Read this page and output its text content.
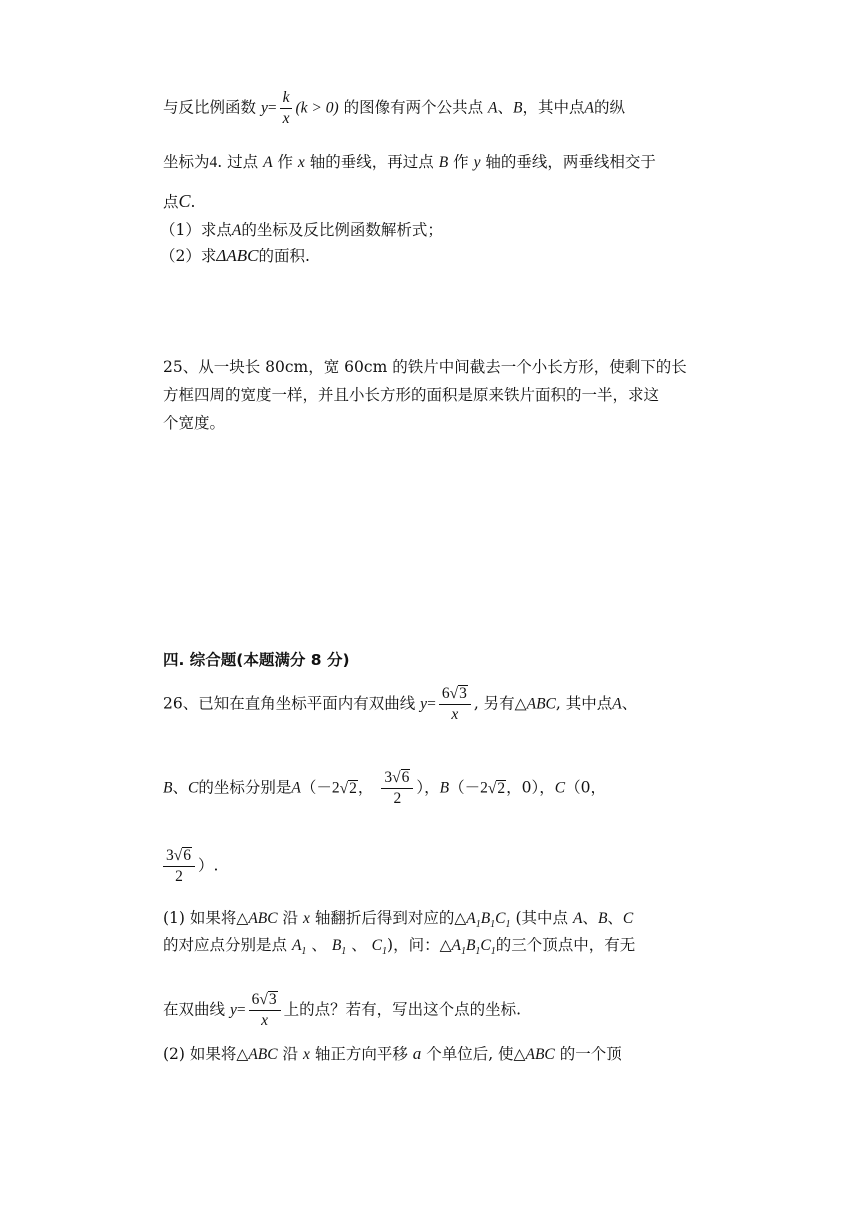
与反比例函数 $y= \frac{k}{x} (k > 0)$ 的图像有两个公共点 A、B，其中点A的纵
坐标为4. 过点 A 作 x 轴的垂线，再过点 B 作 y 轴的垂线，两垂线相交于
点C.
（1）求点A的坐标及反比例函数解析式；
（2）求ΔABC的面积.
25、从一块长 80cm，宽 60cm 的铁片中间截去一个小长方形，使剩下的长
方框四周的宽度一样，并且小长方形的面积是原来铁片面积的一半，求这
个宽度。
四. 综合题(本题满分 8 分)
26、已知在直角坐标平面内有双曲线 $y= \frac{6√3}{x}$ , 另有△ABC, 其中点A、
B、C的坐标分别是A（－2√2， $\frac{3√6}{2}$ ），B（－2√2，0），C（0，
$\frac{3√6}{2}$ ）.
(1) 如果将△ABC 沿 x 轴翻折后得到对应的$\triangle A_1B_1C_1$ (其中点 A、B、C
的对应点分别是点 $A_1$ 、 $B_1$ 、 $C_1$)，问：$\triangle A_1B_1C_1$的三个顶点中，有无
在双曲线 $y= \frac{6√3}{x}$ 上的点？若有，写出这个点的坐标.
(2) 如果将△ABC 沿 x 轴正方向平移 a 个单位后, 使△ABC 的一个顶
